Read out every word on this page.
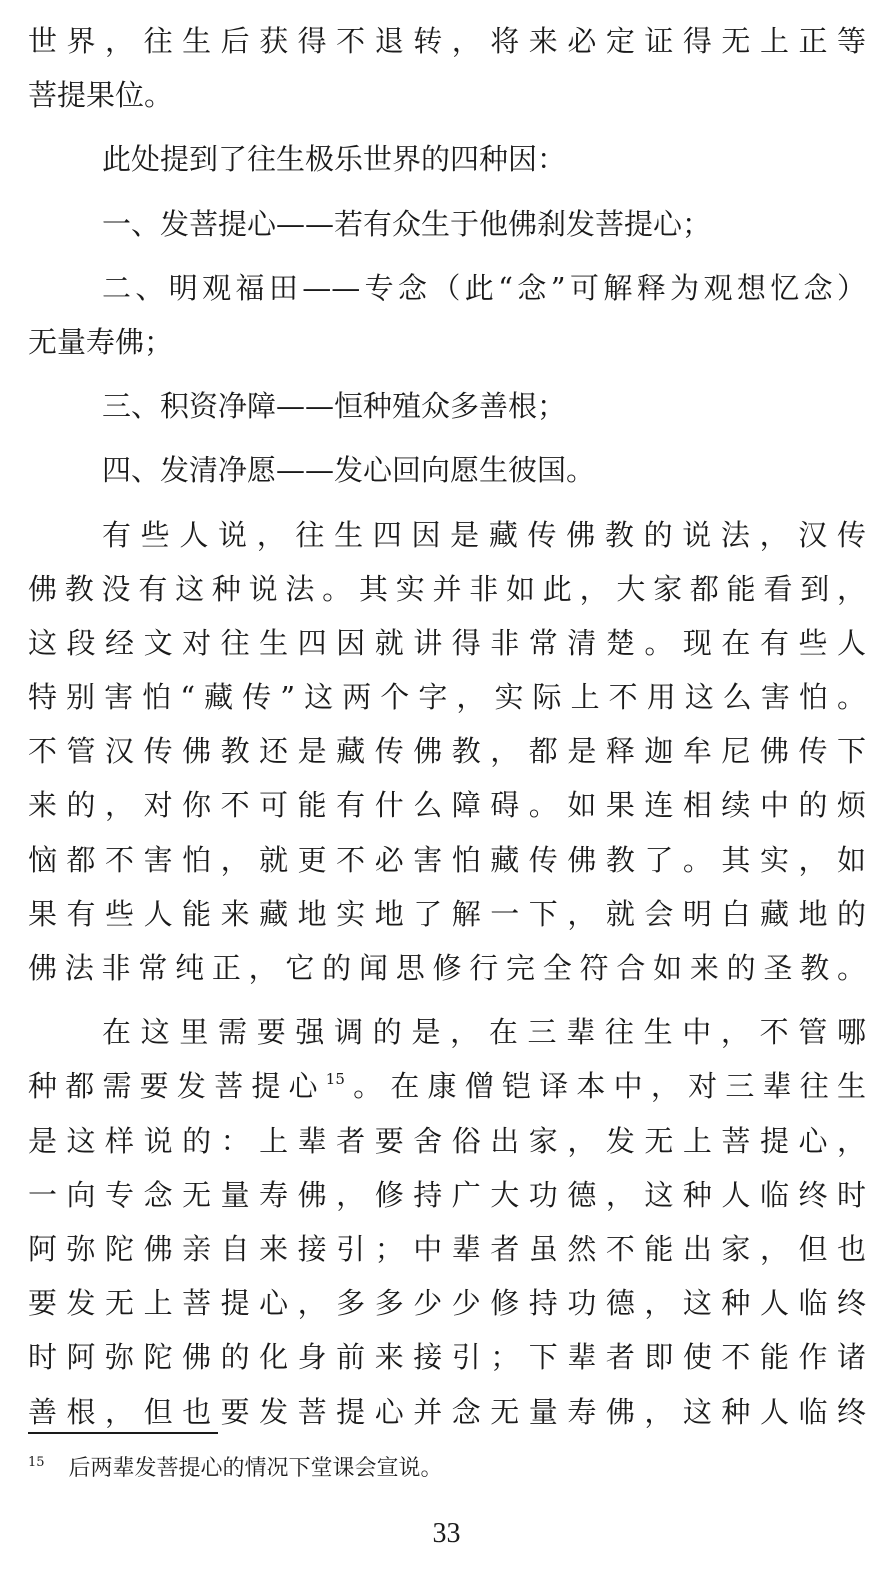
世界，往生后获得不退转，将来必定证得无上正等
菩提果位。
此处提到了往生极乐世界的四种因：
一、发菩提心——若有众生于他佛刹发菩提心；
二、明观福田——专念（此“念”可解释为观想忆念）
无量寿佛；
三、积资净障——恒种殖众多善根；
四、发清净愿——发心回向愿生彼国。
有些人说，往生四因是藏传佛教的说法，汉传
佛教没有这种说法。其实并非如此，大家都能看到，
这段经文对往生四因就讲得非常清楚。现在有些人
特别害怕“藏传”这两个字，实际上不用这么害怕。
不管汉传佛教还是藏传佛教，都是释迦牟尼佛传下
来的，对你不可能有什么障碍。如果连相续中的烦
恼都不害怕，就更不必害怕藏传佛教了。其实，如
果有些人能来藏地实地了解一下，就会明白藏地的
佛法非常纯正，它的闻思修行完全符合如来的圣教。
在这里需要强调的是，在三辈往生中，不管哪
种都需要发菩提心$^{15}$。在康僧铠译本中，对三辈往生
是这样说的：上辈者要舍俗出家，发无上菩提心，
一向专念无量寿佛，修持广大功德，这种人临终时
阿弥陀佛亲自来接引；中辈者虽然不能出家，但也
要发无上菩提心，多多少少修持功德，这种人临终
时阿弥陀佛的化身前来接引；下辈者即使不能作诸
善根，但也要发菩提心并念无量寿佛，这种人临终
$^{15}$ 后两辈发菩提心的情况下堂课会宣说。
33
